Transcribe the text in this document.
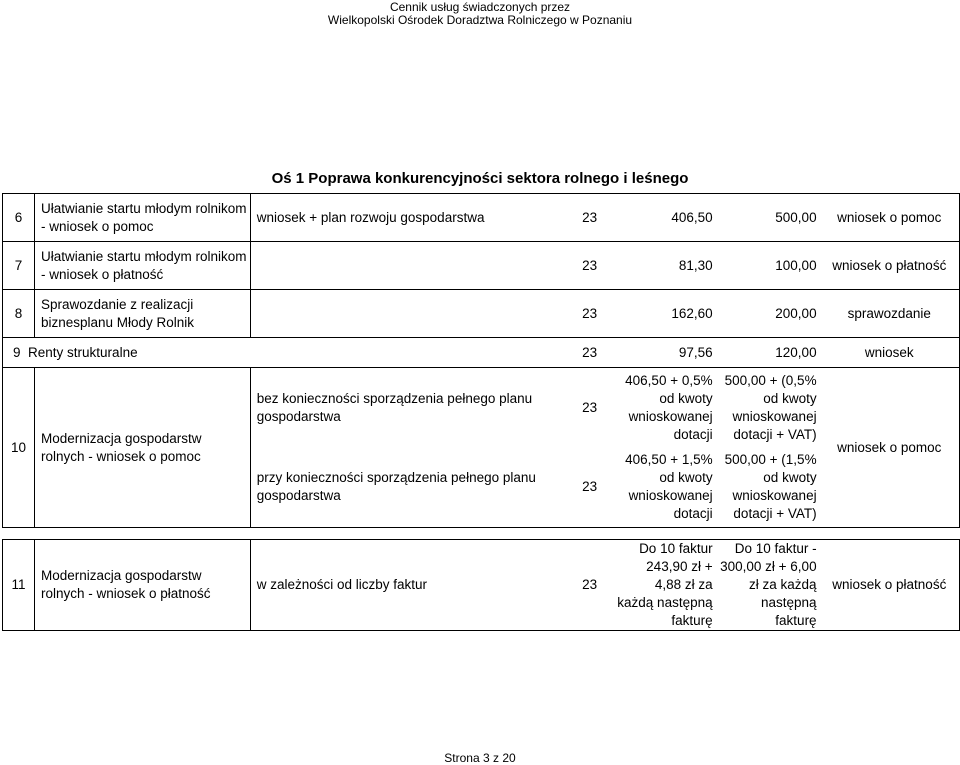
Cennik usług świadczonych przez
Wielkopolski Ośrodek Doradztwa Rolniczego w Poznaniu
Oś 1 Poprawa konkurencyjności sektora rolnego i leśnego
6	Ułatwianie startu młodym rolnikom - wniosek o pomoc	wniosek + plan rozwoju gospodarstwa	23	406,50	500,00	wniosek o pomoc
7	Ułatwianie startu młodym rolnikom - wniosek o płatność		23	81,30	100,00	wniosek o płatność
8	Sprawozdanie z realizacji biznesplanu Młody Rolnik		23	162,60	200,00	sprawozdanie
9 Renty strukturalne			23	97,56	120,00	wniosek
10	Modernizacja gospodarstw rolnych - wniosek o pomoc	bez konieczności sporządzenia pełnego planu gospodarstwa	23	406,50 + 0,5% od kwoty wnioskowanej dotacji	500,00 + (0,5% od kwoty wnioskowanej dotacji + VAT)	wniosek o pomoc
		przy konieczności sporządzenia pełnego planu gospodarstwa	23	406,50 + 1,5% od kwoty wnioskowanej dotacji	500,00 + (1,5% od kwoty wnioskowanej dotacji + VAT)	

11	Modernizacja gospodarstw rolnych - wniosek o płatność	w zależności od liczby faktur	23	Do 10 faktur 243,90 zł + 4,88 zł za każdą następną fakturę	Do 10 faktur - 300,00 zł + 6,00 zł za każdą następną fakturę	wniosek o płatność
Strona 3 z 20
